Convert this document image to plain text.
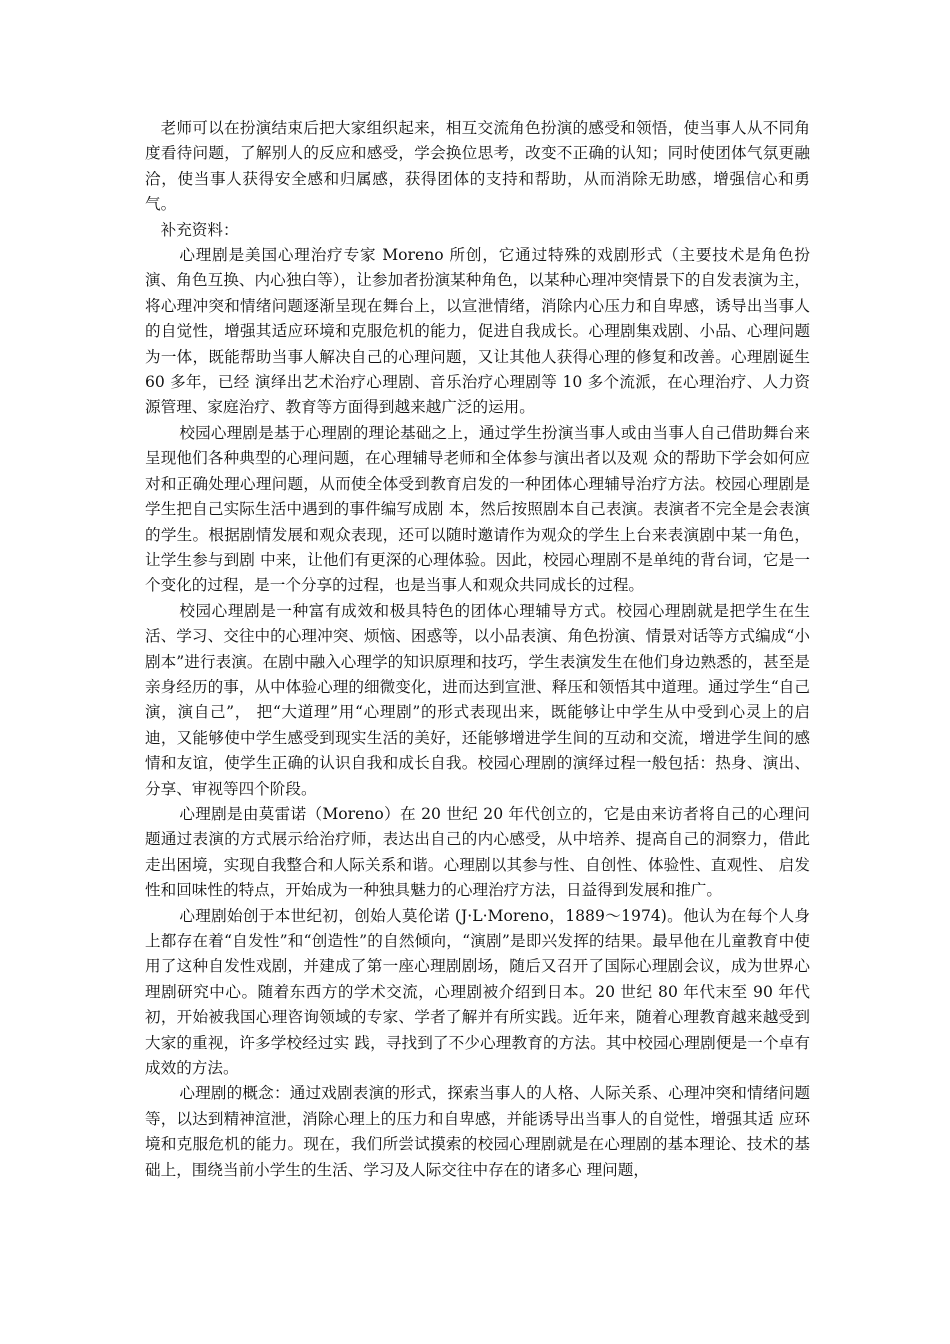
老师可以在扮演结束后把大家组织起来，相互交流角色扮演的感受和领悟，使当事人从不同角度看待问题，了解别人的反应和感受，学会换位思考，改变不正确的认知；同时使团体气氛更融洽，使当事人获得安全感和归属感，获得团体的支持和帮助，从而消除无助感，增强信心和勇气。

补充资料：

心理剧是美国心理治疗专家 Moreno 所创，它通过特殊的戏剧形式（主要技术是角色扮演、角色互换、内心独白等），让参加者扮演某种角色，以某种心理冲突情景下的自发表演为主，将心理冲突和情绪问题逐渐呈现在舞台上，以宣泄情绪，消除内心压力和自卑感，诱导出当事人的自觉性，增强其适应环境和克服危机的能力，促进自我成长。心理剧集戏剧、小品、心理问题为一体，既能帮助当事人解决自己的心理问题，又让其他人获得心理的修复和改善。心理剧诞生 60 多年，已经 演绎出艺术治疗心理剧、音乐治疗心理剧等 10 多个流派，在心理治疗、人力资源管理、家庭治疗、教育等方面得到越来越广泛的运用。

校园心理剧是基于心理剧的理论基础之上，通过学生扮演当事人或由当事人自己借助舞台来呈现他们各种典型的心理问题，在心理辅导老师和全体参与演出者以及观 众的帮助下学会如何应对和正确处理心理问题，从而使全体受到教育启发的一种团体心理辅导治疗方法。校园心理剧是学生把自己实际生活中遇到的事件编写成剧 本，然后按照剧本自己表演。表演者不完全是会表演的学生。根据剧情发展和观众表现，还可以随时邀请作为观众的学生上台来表演剧中某一角色，让学生参与到剧 中来，让他们有更深的心理体验。因此，校园心理剧不是单纯的背台词，它是一个变化的过程，是一个分享的过程，也是当事人和观众共同成长的过程。

校园心理剧是一种富有成效和极具特色的团体心理辅导方式。校园心理剧就是把学生在生活、学习、交往中的心理冲突、烦恼、困惑等，以小品表演、角色扮演、情景对话等方式编成“小剧本”进行表演。在剧中融入心理学的知识原理和技巧，学生表演发生在他们身边熟悉的，甚至是亲身经历的事，从中体验心理的细微变化，进而达到宣泄、释压和领悟其中道理。通过学生“自己演，演自己”， 把“大道理”用“心理剧”的形式表现出来，既能够让中学生从中受到心灵上的启迪，又能够使中学生感受到现实生活的美好，还能够增进学生间的互动和交流，增进学生间的感情和友谊，使学生正确的认识自我和成长自我。校园心理剧的演绎过程一般包括：热身、演出、分享、审视等四个阶段。

心理剧是由莫雷诺（Moreno）在 20 世纪 20 年代创立的，它是由来访者将自己的心理问题通过表演的方式展示给治疗师，表达出自己的内心感受，从中培养、提高自己的洞察力，借此走出困境，实现自我整合和人际关系和谐。心理剧以其参与性、自创性、体验性、直观性、 启发性和回味性的特点，开始成为一种独具魅力的心理治疗方法，日益得到发展和推广。

心理剧始创于本世纪初，创始人莫伦诺 (J·L·Moreno，1889～1974)。他认为在每个人身上都存在着“自发性”和“创造性”的自然倾向，“演剧”是即兴发挥的结果。最早他在儿童教育中使用了这种自发性戏剧，并建成了第一座心理剧剧场，随后又召开了国际心理剧会议，成为世界心理剧研究中心。随着东西方的学术交流，心理剧被介绍到日本。20 世纪 80 年代末至 90 年代初，开始被我国心理咨询领域的专家、学者了解并有所实践。近年来，随着心理教育越来越受到大家的重视，许多学校经过实 践，寻找到了不少心理教育的方法。其中校园心理剧便是一个卓有成效的方法。

心理剧的概念：通过戏剧表演的形式，探索当事人的人格、人际关系、心理冲突和情绪问题等，以达到精神渲泄，消除心理上的压力和自卑感，并能诱导出当事人的自觉性，增强其适 应环境和克服危机的能力。现在，我们所尝试摸索的校园心理剧就是在心理剧的基本理论、技术的基础上，围绕当前小学生的生活、学习及人际交往中存在的诸多心 理问题，
